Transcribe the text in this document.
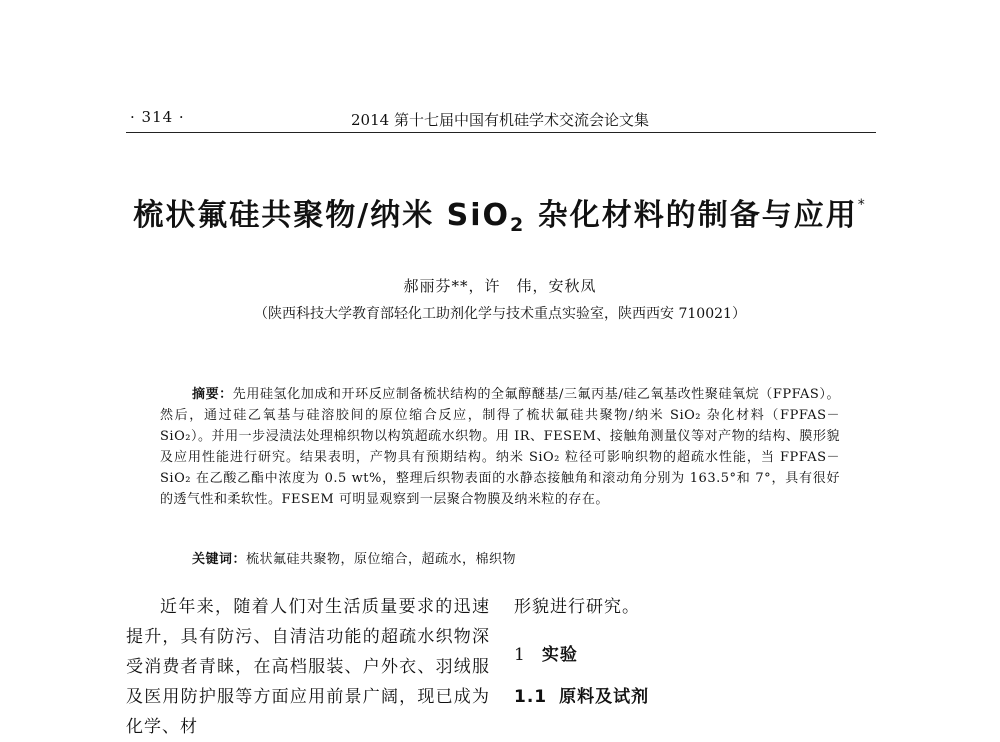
· 314 ·	2014 第十七届中国有机硅学术交流会论文集
梳状氟硅共聚物/纳米 SiO$_2$ 杂化材料的制备与应用*
郝丽芬**，许　伟，安秋凤
（陕西科技大学教育部轻化工助剂化学与技术重点实验室，陕西西安 710021）
摘要：先用硅氢化加成和开环反应制备梳状结构的全氟醇醚基/三氟丙基/硅乙氧基改性聚硅氧烷（FPFAS）。然后，通过硅乙氧基与硅溶胶间的原位缩合反应，制得了梳状氟硅共聚物/纳米 SiO₂ 杂化材料（FPFAS－SiO₂）。并用一步浸渍法处理棉织物以构筑超疏水织物。用 IR、FESEM、接触角测量仪等对产物的结构、膜形貌及应用性能进行研究。结果表明，产物具有预期结构。纳米 SiO₂ 粒径可影响织物的超疏水性能，当 FPFAS－SiO₂ 在乙酸乙酯中浓度为 0.5 wt%，整理后织物表面的水静态接触角和滚动角分别为 163.5°和 7°，具有很好的透气性和柔软性。FESEM 可明显观察到一层聚合物膜及纳米粒的存在。
关键词：梳状氟硅共聚物，原位缩合，超疏水，棉织物

近年来，随着人们对生活质量要求的迅速提升，具有防污、自清洁功能的超疏水织物深受消费者青睐，在高档服装、户外衣、羽绒服及医用防护服等方面应用前景广阔，现已成为化学、材

形貌进行研究。
1 实验
1.1 原料及试剂
